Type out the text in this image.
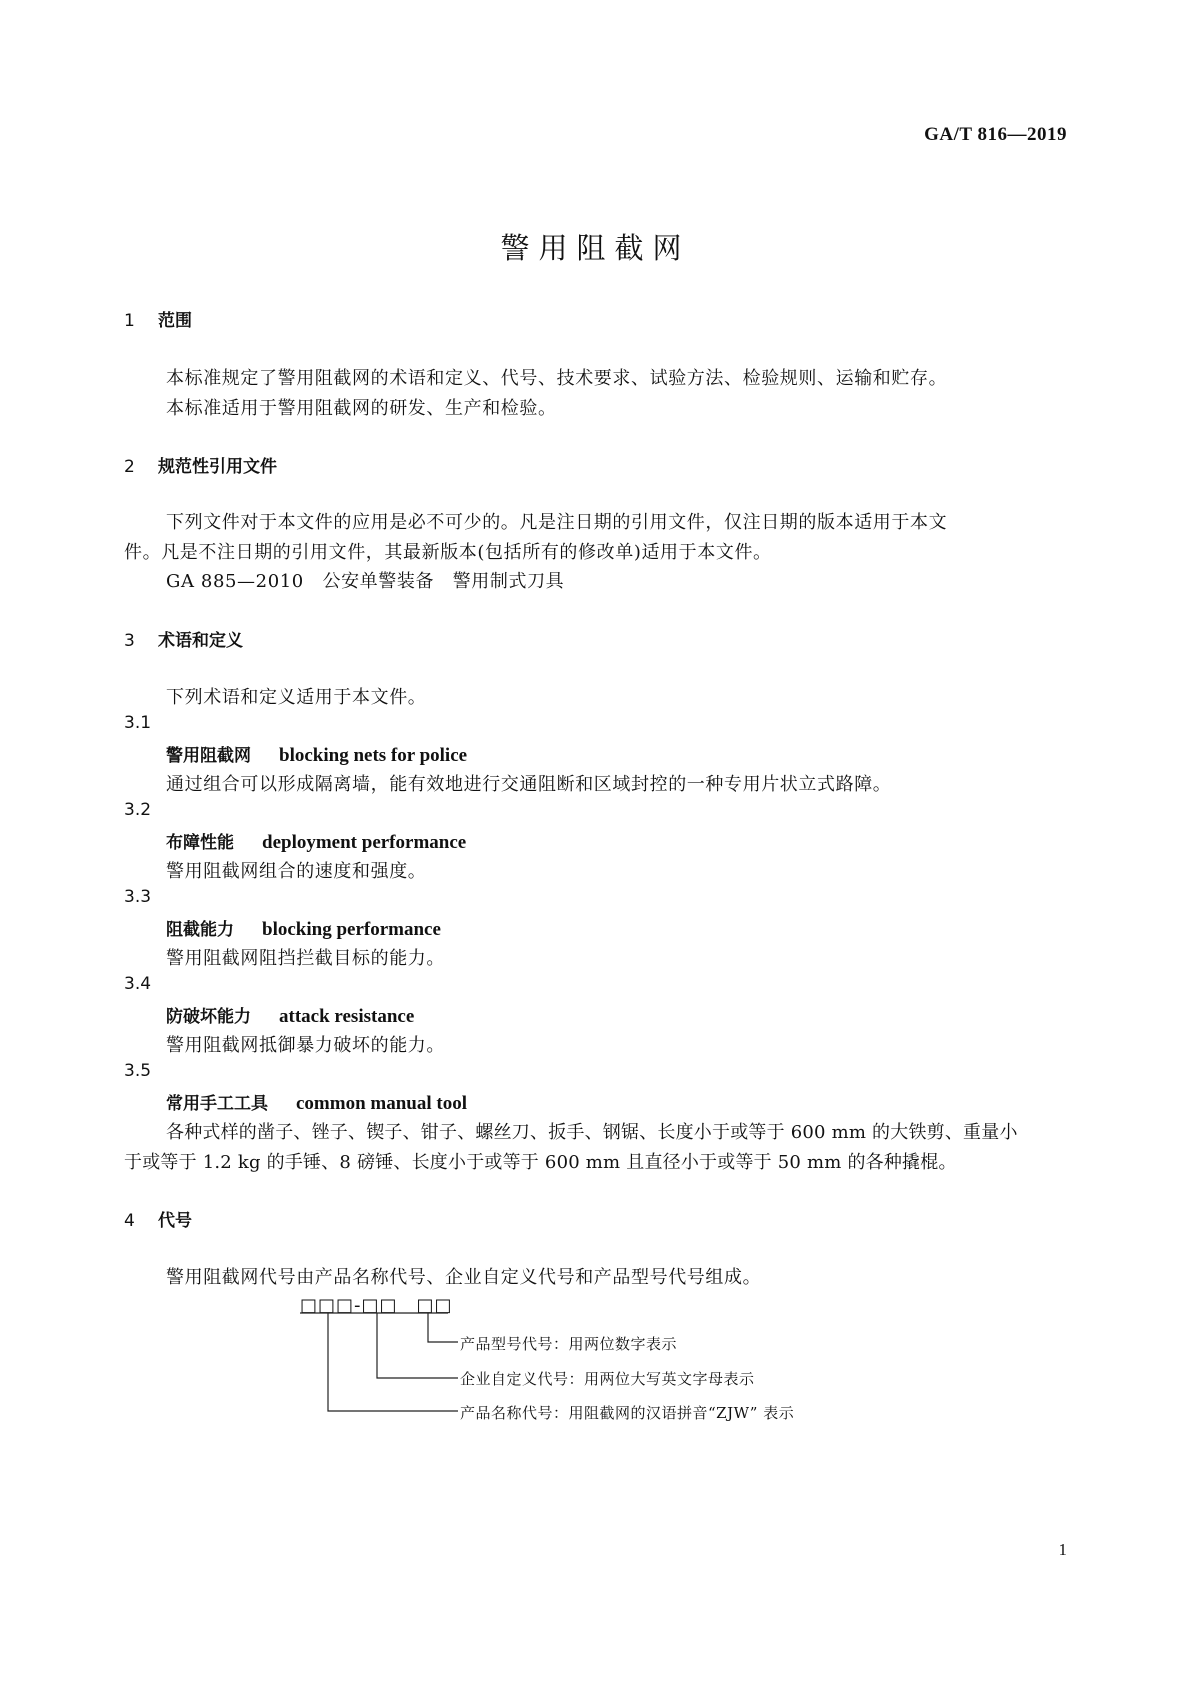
GA/T 816—2019
警用阻截网
1 范围
本标准规定了警用阻截网的术语和定义、代号、技术要求、试验方法、检验规则、运输和贮存。
本标准适用于警用阻截网的研发、生产和检验。
2 规范性引用文件
下列文件对于本文件的应用是必不可少的。凡是注日期的引用文件，仅注日期的版本适用于本文
件。凡是不注日期的引用文件，其最新版本(包括所有的修改单)适用于本文件。
GA 885—2010　公安单警装备　警用制式刀具
3 术语和定义
下列术语和定义适用于本文件。
3.1
警用阻截网 blocking nets for police
通过组合可以形成隔离墙，能有效地进行交通阻断和区域封控的一种专用片状立式路障。
3.2
布障性能 deployment performance
警用阻截网组合的速度和强度。
3.3
阻截能力 blocking performance
警用阻截网阻挡拦截目标的能力。
3.4
防破坏能力 attack resistance
警用阻截网抵御暴力破坏的能力。
3.5
常用手工工具 common manual tool
各种式样的凿子、锉子、锲子、钳子、螺丝刀、扳手、钢锯、长度小于或等于 600 mm 的大铁剪、重量小
于或等于 1.2 kg 的手锤、8 磅锤、长度小于或等于 600 mm 且直径小于或等于 50 mm 的各种撬棍。
4 代号
警用阻截网代号由产品名称代号、企业自定义代号和产品型号代号组成。
□□□-□□　□□
产品型号代号：用两位数字表示
企业自定义代号：用两位大写英文字母表示
产品名称代号：用阻截网的汉语拼音“ZJW” 表示
1
